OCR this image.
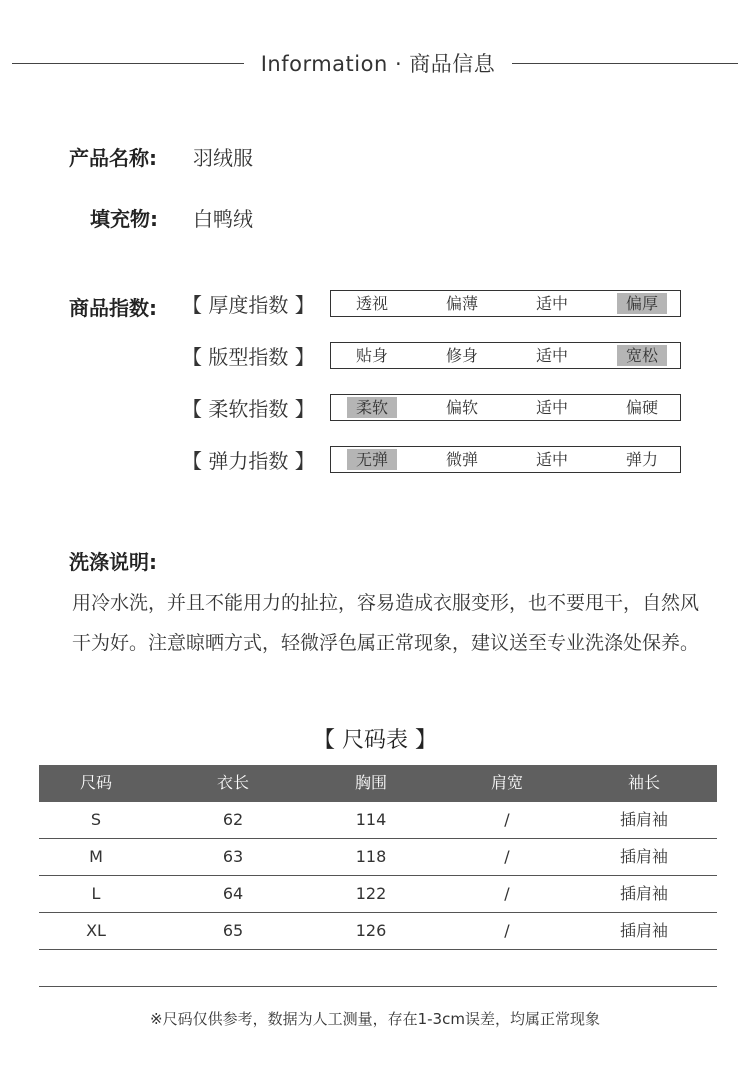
Information · 商品信息
产品名称: 羽绒服
填充物: 白鸭绒
商品指数: 【 厚度指数 】	透视	偏薄	适中	偏厚
【 版型指数 】	贴身	修身	适中	宽松
【 柔软指数 】	柔软	偏软	适中	偏硬
【 弹力指数 】	无弹	微弹	适中	弹力
洗涤说明:
用冷水洗，并且不能用力的扯拉，容易造成衣服变形，也不要甩干，自然风干为好。注意晾晒方式，轻微浮色属正常现象，建议送至专业洗涤处保养。
【 尺码表 】
尺码	衣长	胸围	肩宽	袖长
S	62	114	/	插肩袖
M	63	118	/	插肩袖
L	64	122	/	插肩袖
XL	65	126	/	插肩袖
※尺码仅供参考，数据为人工测量，存在1-3cm误差，均属正常现象
